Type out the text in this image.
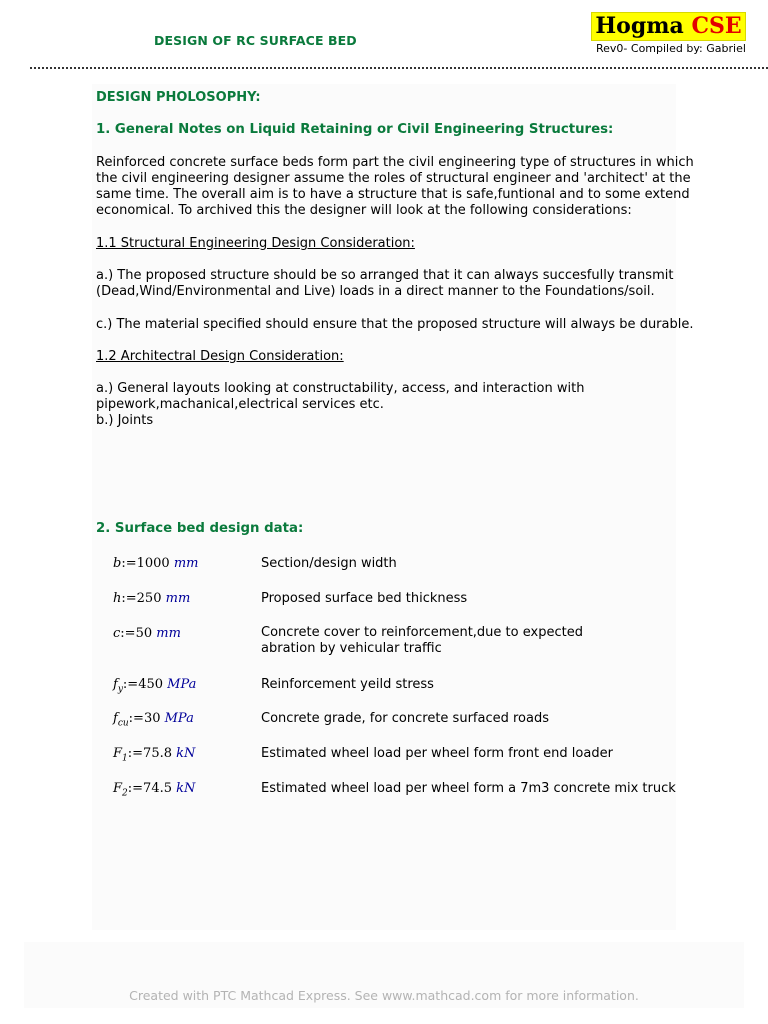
DESIGN OF RC SURFACE BED
Hogma CSE
Rev0- Compiled by: Gabriel
DESIGN PHOLOSOPHY:
1. General Notes on Liquid Retaining or Civil Engineering Structures:
Reinforced concrete surface beds form part the civil engineering type of structures in which
the civil engineering designer assume the roles of structural engineer and 'architect' at the
same time. The overall aim is to have a structure that is safe,funtional and to some extend
economical. To archived this the designer will look at the following considerations:
1.1 Structural Engineering Design Consideration:
a.) The proposed structure should be so arranged that it can always succesfully transmit
(Dead,Wind/Environmental and Live) loads in a direct manner to the Foundations/soil.
c.) The material specified should ensure that the proposed structure will always be durable.
1.2 Architectral Design Consideration:
a.) General layouts looking at constructability, access, and interaction with
pipework,machanical,electrical services etc.
b.) Joints
2. Surface bed design data:
b:=1000 mm	Section/design width
h:=250 mm	Proposed surface bed thickness
c:=50 mm	Concrete cover to reinforcement,due to expected
abration by vehicular traffic
$f_y:=450$ MPa	Reinforcement yeild stress
$f_{cu}:=30$ MPa	Concrete grade, for concrete surfaced roads
$F_1:=75.8$ kN	Estimated wheel load per wheel form front end loader
$F_2:=74.5$ kN	Estimated wheel load per wheel form a 7m3 concrete mix truck
Created with PTC Mathcad Express. See www.mathcad.com for more information.
